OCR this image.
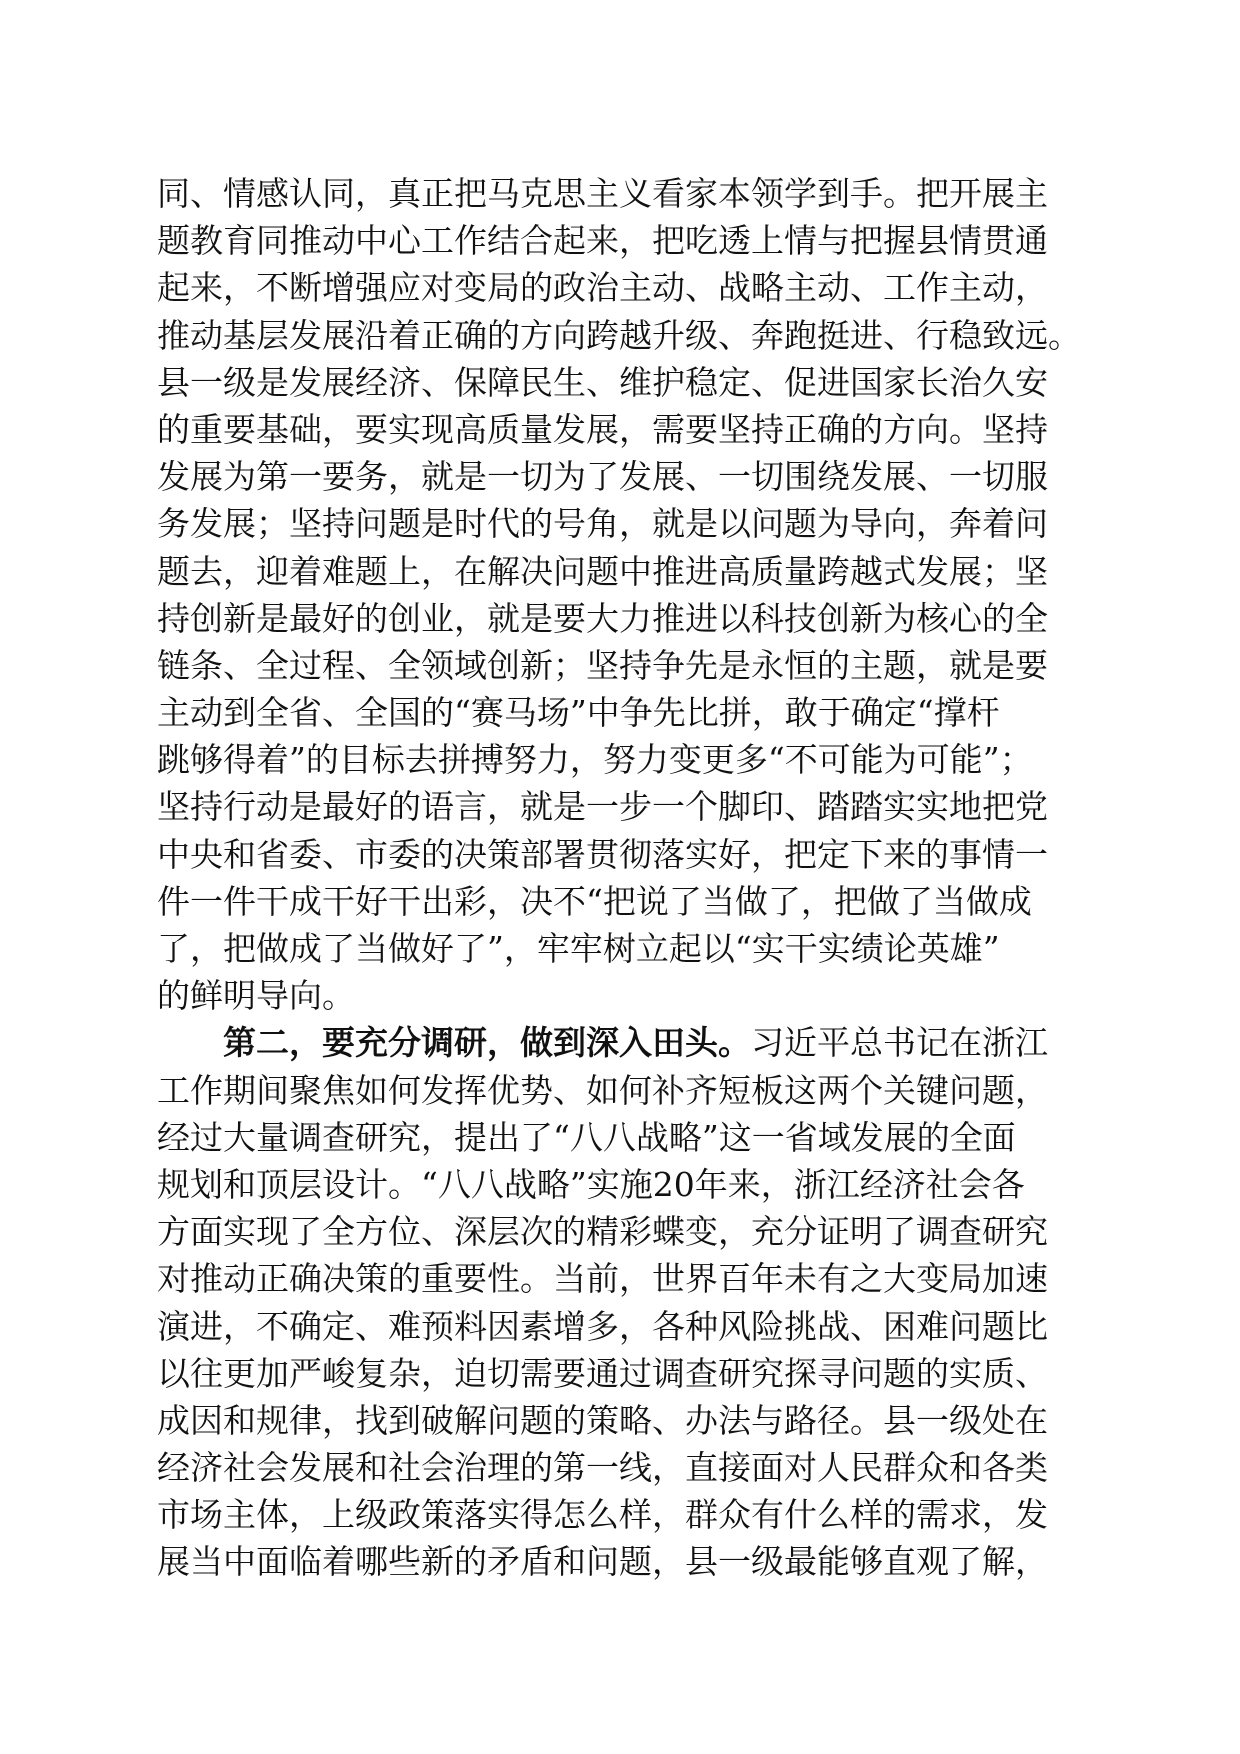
同、情感认同，真正把马克思主义看家本领学到手。把开展主
题教育同推动中心工作结合起来，把吃透上情与把握县情贯通
起来，不断增强应对变局的政治主动、战略主动、工作主动，
推动基层发展沿着正确的方向跨越升级、奔跑挺进、行稳致远。
县一级是发展经济、保障民生、维护稳定、促进国家长治久安
的重要基础，要实现高质量发展，需要坚持正确的方向。坚持
发展为第一要务，就是一切为了发展、一切围绕发展、一切服
务发展；坚持问题是时代的号角，就是以问题为导向，奔着问
题去，迎着难题上，在解决问题中推进高质量跨越式发展；坚
持创新是最好的创业，就是要大力推进以科技创新为核心的全
链条、全过程、全领域创新；坚持争先是永恒的主题，就是要
主动到全省、全国的“赛马场”中争先比拼，敢于确定“撑杆
跳够得着”的目标去拼搏努力，努力变更多“不可能为可能”；
坚持行动是最好的语言，就是一步一个脚印、踏踏实实地把党
中央和省委、市委的决策部署贯彻落实好，把定下来的事情一
件一件干成干好干出彩，决不“把说了当做了，把做了当做成
了，把做成了当做好了”，牢牢树立起以“实干实绩论英雄”
的鲜明导向。
第二，要充分调研，做到深入田头。习近平总书记在浙江
工作期间聚焦如何发挥优势、如何补齐短板这两个关键问题，
经过大量调查研究，提出了“八八战略”这一省域发展的全面
规划和顶层设计。“八八战略”实施20年来，浙江经济社会各
方面实现了全方位、深层次的精彩蝶变，充分证明了调查研究
对推动正确决策的重要性。当前，世界百年未有之大变局加速
演进，不确定、难预料因素增多，各种风险挑战、困难问题比
以往更加严峻复杂，迫切需要通过调查研究探寻问题的实质、
成因和规律，找到破解问题的策略、办法与路径。县一级处在
经济社会发展和社会治理的第一线，直接面对人民群众和各类
市场主体，上级政策落实得怎么样，群众有什么样的需求，发
展当中面临着哪些新的矛盾和问题，县一级最能够直观了解，
